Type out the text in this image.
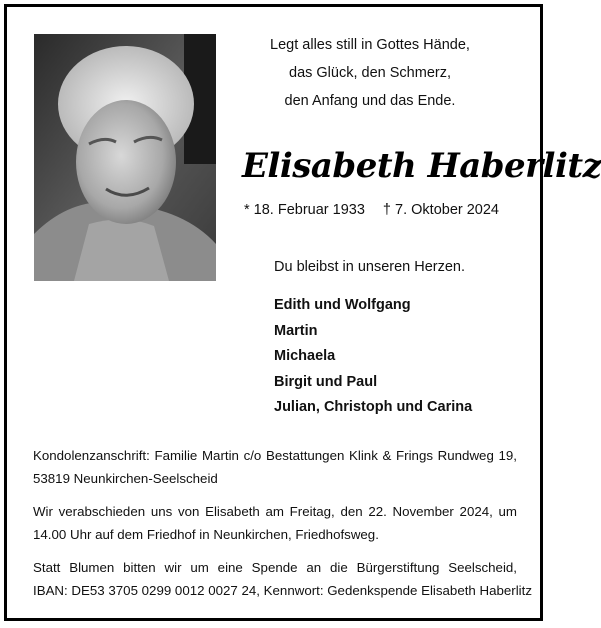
Legt alles still in Gottes Hände,
das Glück, den Schmerz,
den Anfang und das Ende.
Elisabeth Haberlitz
* 18. Februar 1933 † 7. Oktober 2024
Du bleibst in unseren Herzen.
Edith und Wolfgang
Martin
Michaela
Birgit und Paul
Julian, Christoph und Carina
Kondolenzanschrift: Familie Martin c/o Bestattungen Klink & Frings Rundweg 19,
53819 Neunkirchen-Seelscheid
Wir verabschieden uns von Elisabeth am Freitag, den 22. November 2024, um
14.00 Uhr auf dem Friedhof in Neunkirchen, Friedhofsweg.
Statt Blumen bitten wir um eine Spende an die Bürgerstiftung Seelscheid,
IBAN: DE53 3705 0299 0012 0027 24, Kennwort: Gedenkspende Elisabeth Haberlitz
